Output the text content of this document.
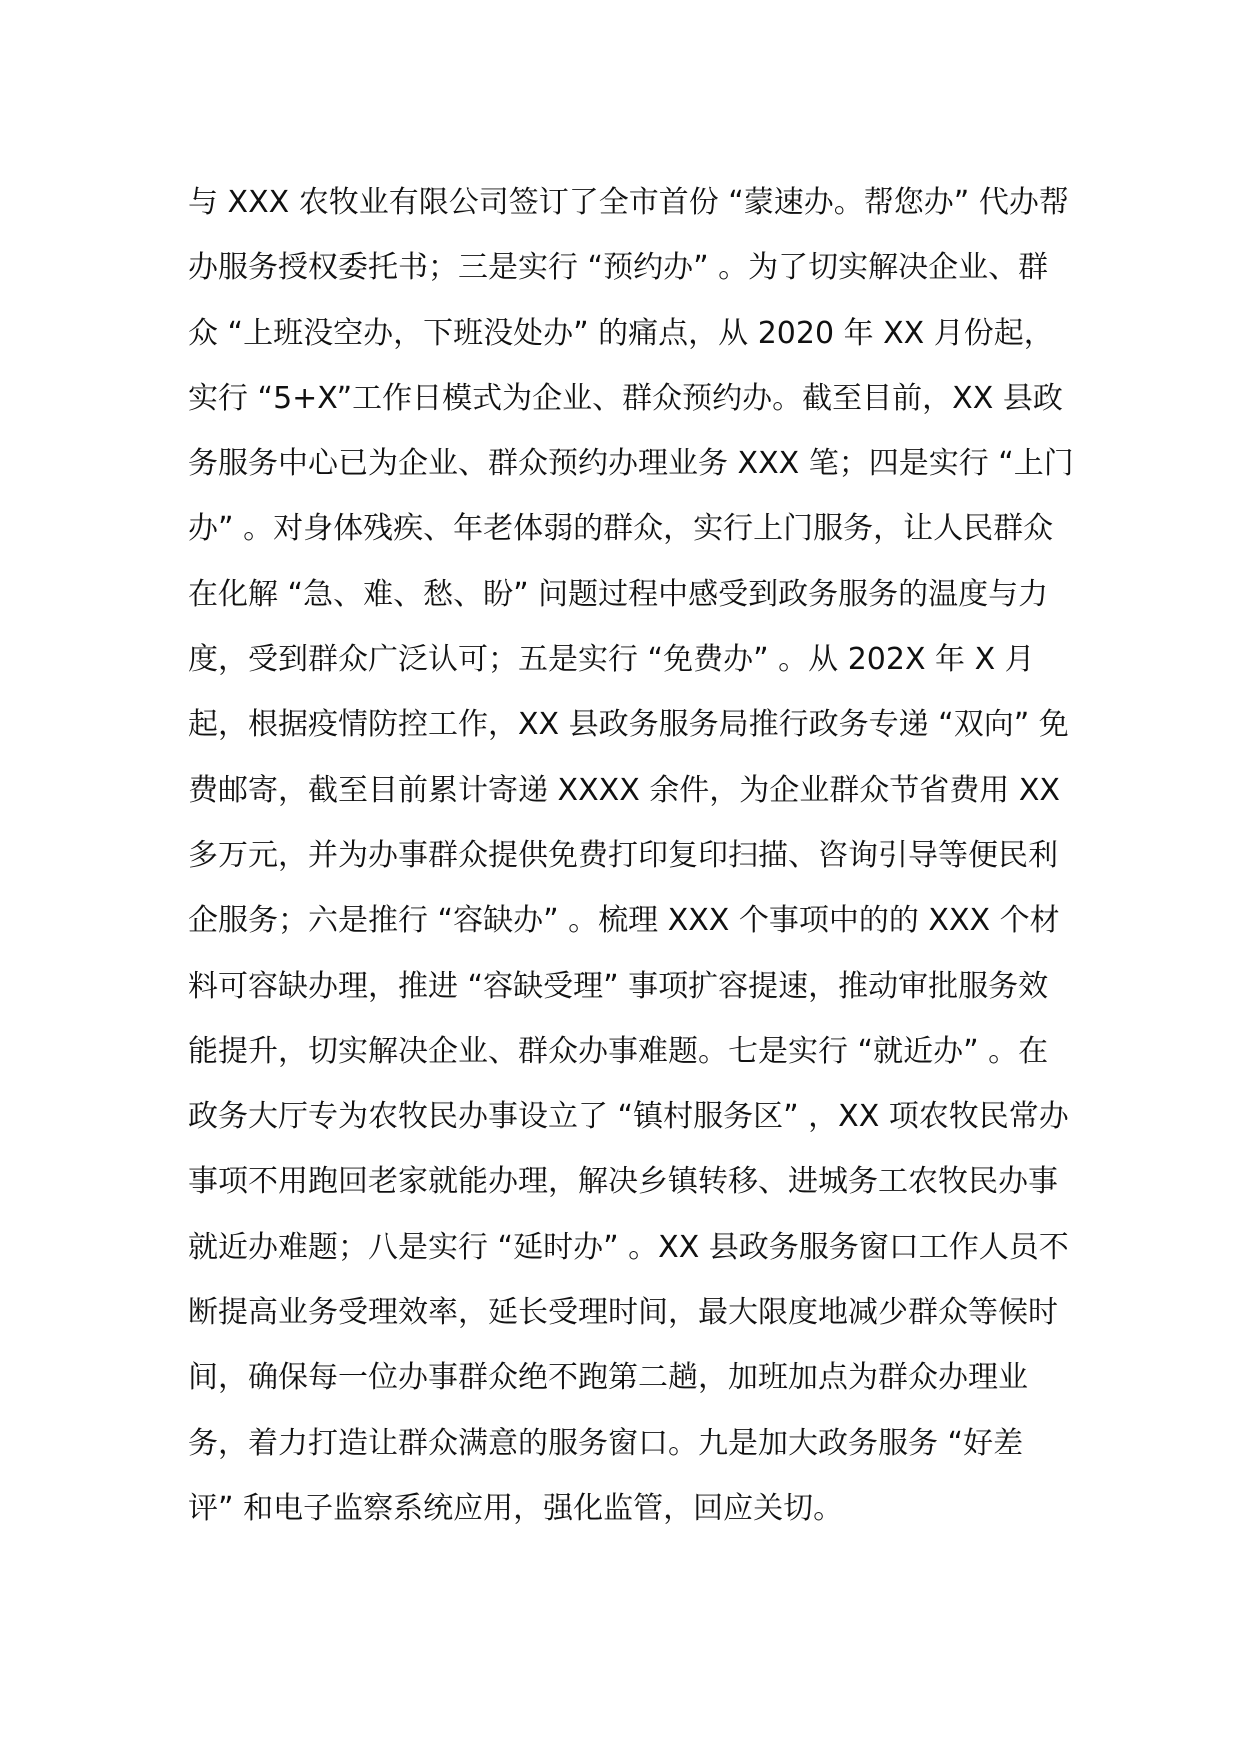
与 XXX 农牧业有限公司签订了全市首份 “蒙速办。帮您办” 代办帮
办服务授权委托书；三是实行 “预约办” 。为了切实解决企业、群
众 “上班没空办，下班没处办” 的痛点，从 2020 年 XX 月份起，
实行 “5+X”工作日模式为企业、群众预约办。截至目前，XX 县政
务服务中心已为企业、群众预约办理业务 XXX 笔；四是实行 “上门
办” 。对身体残疾、年老体弱的群众，实行上门服务，让人民群众
在化解 “急、难、愁、盼” 问题过程中感受到政务服务的温度与力
度，受到群众广泛认可；五是实行 “免费办” 。从 202X 年 X 月
起，根据疫情防控工作，XX 县政务服务局推行政务专递 “双向” 免
费邮寄，截至目前累计寄递 XXXX 余件，为企业群众节省费用 XX
多万元，并为办事群众提供免费打印复印扫描、咨询引导等便民利
企服务；六是推行 “容缺办” 。梳理 XXX 个事项中的的 XXX 个材
料可容缺办理，推进 “容缺受理” 事项扩容提速，推动审批服务效
能提升，切实解决企业、群众办事难题。七是实行 “就近办” 。在
政务大厅专为农牧民办事设立了 “镇村服务区” ，XX 项农牧民常办
事项不用跑回老家就能办理，解决乡镇转移、进城务工农牧民办事
就近办难题；八是实行 “延时办” 。XX 县政务服务窗口工作人员不
断提高业务受理效率，延长受理时间，最大限度地减少群众等候时
间，确保每一位办事群众绝不跑第二趟，加班加点为群众办理业
务，着力打造让群众满意的服务窗口。九是加大政务服务 “好差
评” 和电子监察系统应用，强化监管，回应关切。
